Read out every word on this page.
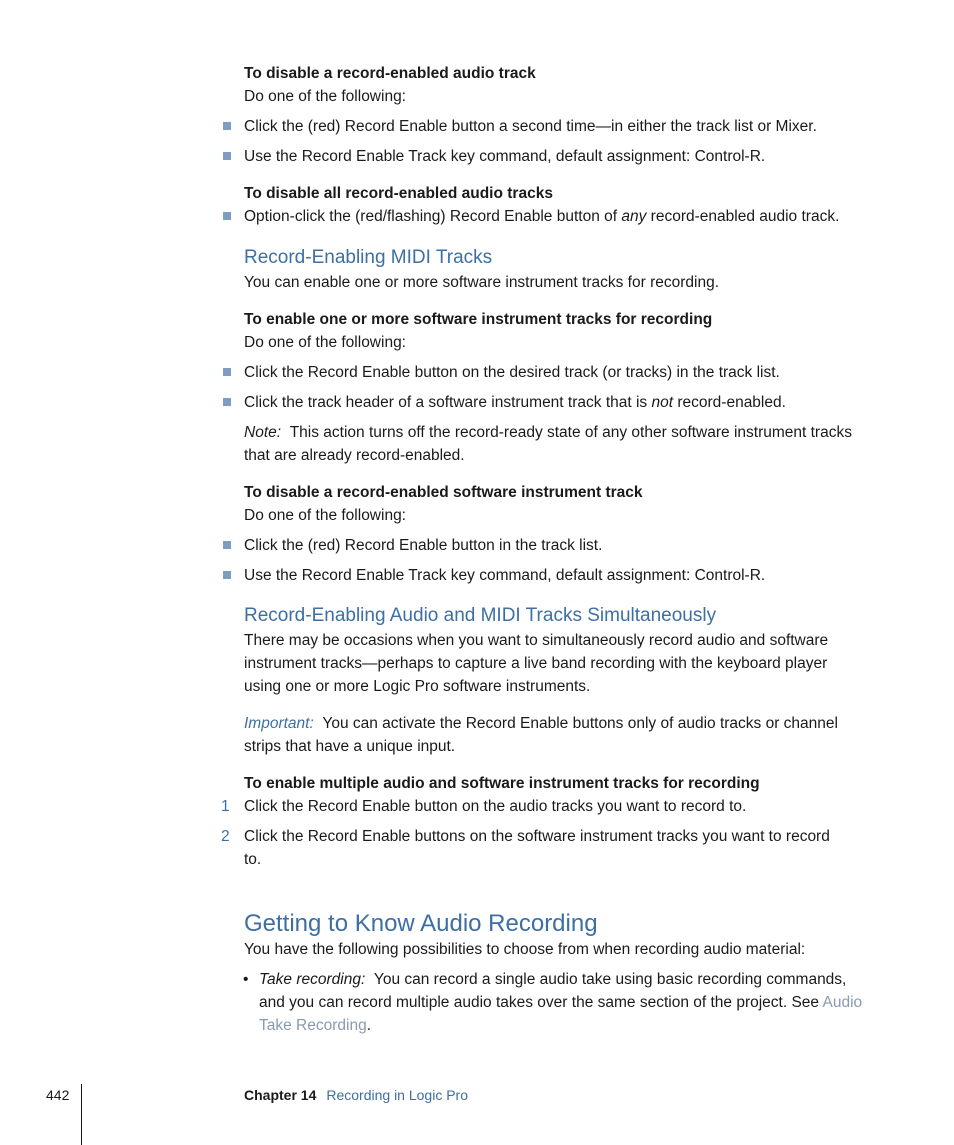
To disable a record-enabled audio track
Do one of the following:
Click the (red) Record Enable button a second time—in either the track list or Mixer.
Use the Record Enable Track key command, default assignment: Control-R.
To disable all record-enabled audio tracks
Option-click the (red/flashing) Record Enable button of any record-enabled audio track.
Record-Enabling MIDI Tracks
You can enable one or more software instrument tracks for recording.
To enable one or more software instrument tracks for recording
Do one of the following:
Click the Record Enable button on the desired track (or tracks) in the track list.
Click the track header of a software instrument track that is not record-enabled.
Note: This action turns off the record-ready state of any other software instrument tracks
that are already record-enabled.
To disable a record-enabled software instrument track
Do one of the following:
Click the (red) Record Enable button in the track list.
Use the Record Enable Track key command, default assignment: Control-R.
Record-Enabling Audio and MIDI Tracks Simultaneously
There may be occasions when you want to simultaneously record audio and software
instrument tracks—perhaps to capture a live band recording with the keyboard player
using one or more Logic Pro software instruments.
Important: You can activate the Record Enable buttons only of audio tracks or channel
strips that have a unique input.
To enable multiple audio and software instrument tracks for recording
1 Click the Record Enable button on the audio tracks you want to record to.
2 Click the Record Enable buttons on the software instrument tracks you want to record
to.
Getting to Know Audio Recording
You have the following possibilities to choose from when recording audio material:
• Take recording: You can record a single audio take using basic recording commands,
and you can record multiple audio takes over the same section of the project. See Audio
Take Recording.
442	Chapter 14 Recording in Logic Pro
